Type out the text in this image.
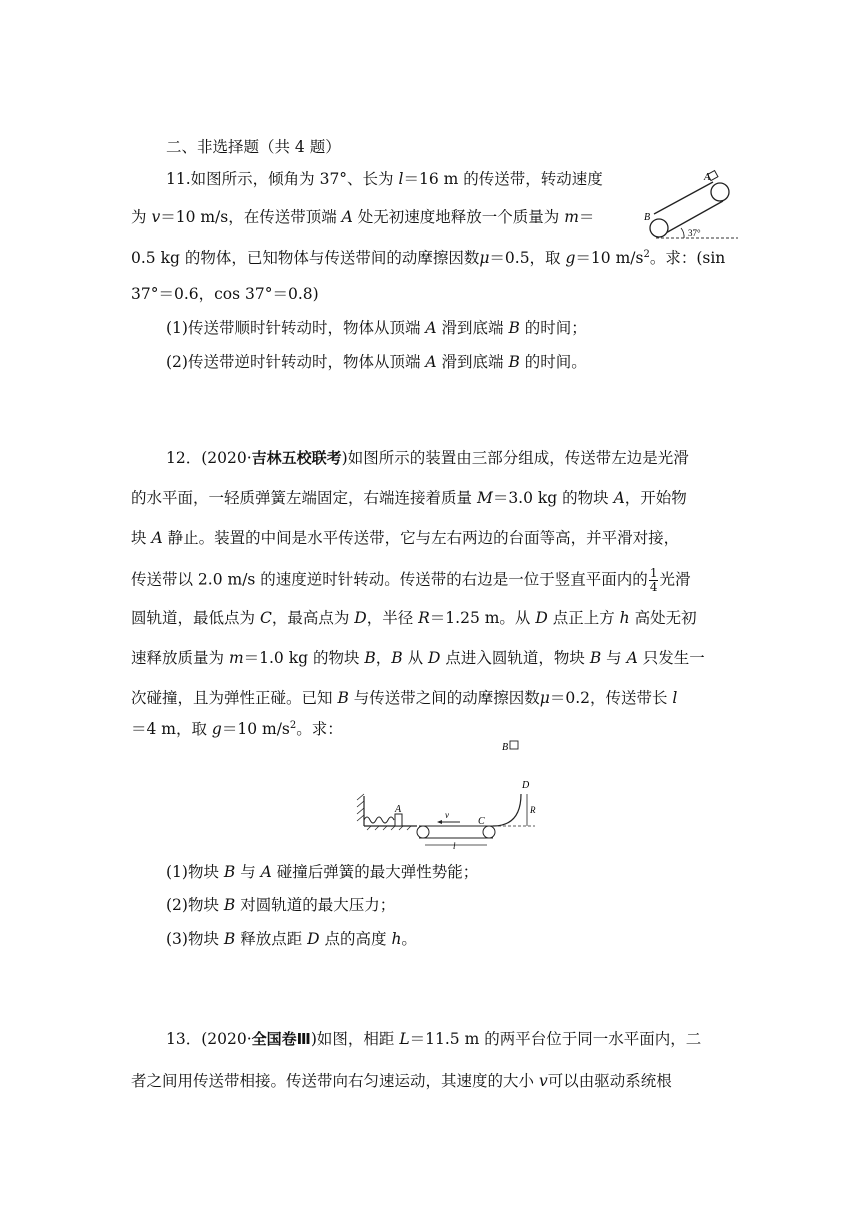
二、非选择题（共 4 题）
11.如图所示，倾角为 37°、长为 l＝16 m 的传送带，转动速度
为 v＝10 m/s，在传送带顶端 A 处无初速度地释放一个质量为 m＝
0.5 kg 的物体，已知物体与传送带间的动摩擦因数μ＝0.5，取 g＝10 $m/s^2$。求：(sin
37°＝0.6，cos 37°＝0.8)
(1)传送带顺时针转动时，物体从顶端 A 滑到底端 B 的时间；
(2)传送带逆时针转动时，物体从顶端 A 滑到底端 B 的时间。
A
B
37°
12．(2020·吉林五校联考)如图所示的装置由三部分组成，传送带左边是光滑
的水平面，一轻质弹簧左端固定，右端连接着质量 M＝3.0 kg 的物块 A，开始物
块 A 静止。装置的中间是水平传送带，它与左右两边的台面等高，并平滑对接，
传送带以 2.0 m/s 的速度逆时针转动。传送带的右边是一位于竖直平面内的 $\frac{1}{4}$ 光滑
圆轨道，最低点为 C，最高点为 D，半径 R＝1.25 m。从 D 点正上方 h 高处无初
速释放质量为 m＝1.0 kg 的物块 B，B 从 D 点进入圆轨道，物块 B 与 A 只发生一
次碰撞，且为弹性正碰。已知 B 与传送带之间的动摩擦因数μ＝0.2，传送带长 l
＝4 m，取 g＝10 $m/s^2$。求：
B
A	v
C
l
D
R
(1)物块 B 与 A 碰撞后弹簧的最大弹性势能；
(2)物块 B 对圆轨道的最大压力；
(3)物块 B 释放点距 D 点的高度 h。
13．(2020·全国卷Ⅲ)如图，相距 L＝11.5 m 的两平台位于同一水平面内，二
者之间用传送带相接。传送带向右匀速运动，其速度的大小 v可以由驱动系统根
